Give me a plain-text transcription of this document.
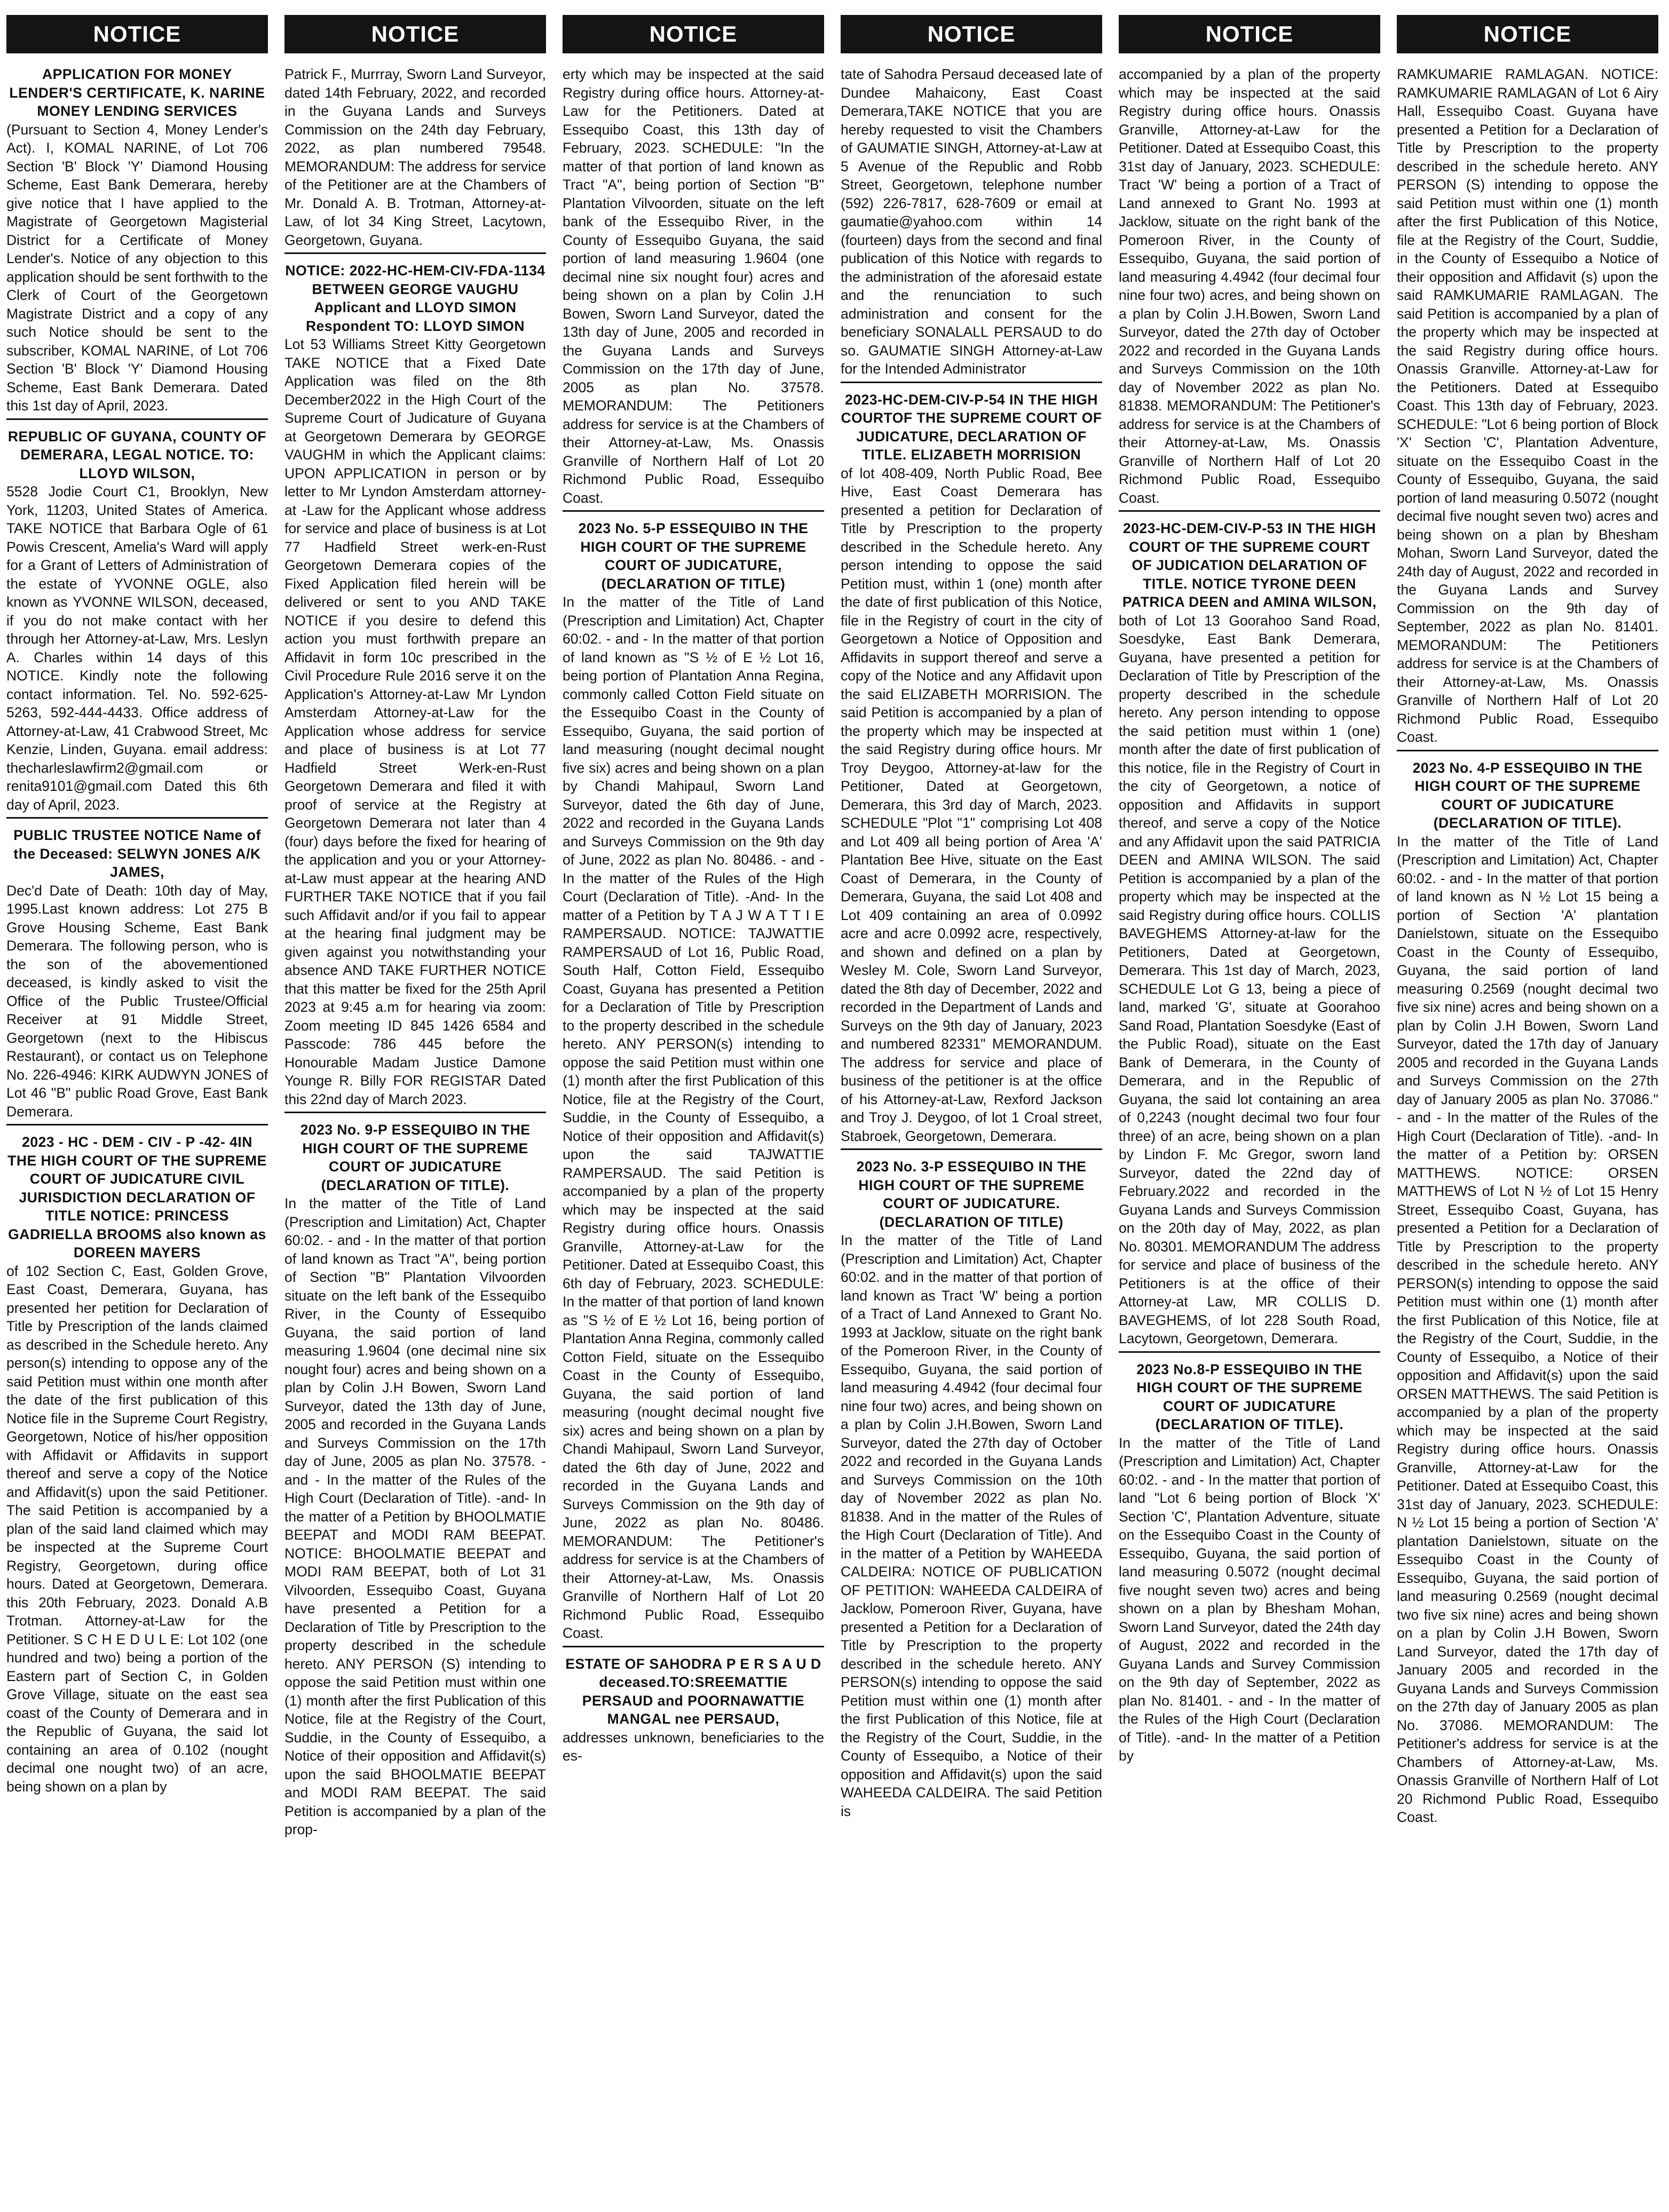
NOTICE
APPLICATION FOR MONEY LENDER'S CERTIFICATE, K. NARINE MONEY LENDING SERVICES
(Pursuant to Section 4, Money Lender's Act). I, KOMAL NARINE, of Lot 706 Section 'B' Block 'Y' Diamond Housing Scheme, East Bank Demerara, hereby give notice that I have applied to the Magistrate of Georgetown Magisterial District for a Certificate of Money Lender's. Notice of any objection to this application should be sent forthwith to the Clerk of Court of the Georgetown Magistrate District and a copy of any such Notice should be sent to the subscriber, KOMAL NARINE, of Lot 706 Section 'B' Block 'Y' Diamond Housing Scheme, East Bank Demerara. Dated this 1st day of April, 2023.
REPUBLIC OF GUYANA, COUNTY OF DEMERARA, LEGAL NOTICE. TO: LLOYD WILSON,
5528 Jodie Court C1, Brooklyn, New York, 11203, United States of America. TAKE NOTICE that Barbara Ogle of 61 Powis Crescent, Amelia's Ward will apply for a Grant of Letters of Administration of the estate of YVONNE OGLE, also known as YVONNE WILSON, deceased, if you do not make contact with her through her Attorney-at-Law, Mrs. Leslyn A. Charles within 14 days of this NOTICE. Kindly note the following contact information. Tel. No. 592-625-5263, 592-444-4433. Office address of Attorney-at-Law, 41 Crabwood Street, Mc Kenzie, Linden, Guyana. email address: thecharleslawfirm2@gmail.com or renita9101@gmail.com Dated this 6th day of April, 2023.
PUBLIC TRUSTEE NOTICE Name of the Deceased: SELWYN JONES A/K JAMES,
Dec'd Date of Death: 10th day of May, 1995.Last known address: Lot 275 B Grove Housing Scheme, East Bank Demerara. The following person, who is the son of the abovementioned deceased, is kindly asked to visit the Office of the Public Trustee/Official Receiver at 91 Middle Street, Georgetown (next to the Hibiscus Restaurant), or contact us on Telephone No. 226-4946: KIRK AUDWYN JONES of Lot 46 "B" public Road Grove, East Bank Demerara.
2023 - HC - DEM - CIV - P -42- 4IN THE HIGH COURT OF THE SUPREME COURT OF JUDICATURE CIVIL JURISDICTION DECLARATION OF TITLE NOTICE: PRINCESS GADRIELLA BROOMS also known as DOREEN MAYERS
of 102 Section C, East, Golden Grove, East Coast, Demerara, Guyana, has presented her petition for Declaration of Title by Prescription of the lands claimed as described in the Schedule hereto. Any person(s) intending to oppose any of the said Petition must within one month after the date of the first publication of this Notice file in the Supreme Court Registry, Georgetown, Notice of his/her opposition with Affidavit or Affidavits in support thereof and serve a copy of the Notice and Affidavit(s) upon the said Petitioner. The said Petition is accompanied by a plan of the said land claimed which may be inspected at the Supreme Court Registry, Georgetown, during office hours. Dated at Georgetown, Demerara. this 20th February, 2023. Donald A.B Trotman. Attorney-at-Law for the Petitioner. S C H E D U L E: Lot 102 (one hundred and two) being a portion of the Eastern part of Section C, in Golden Grove Village, situate on the east sea coast of the County of Demerara and in the Republic of Guyana, the said lot containing an area of 0.102 (nought decimal one nought two) of an acre, being shown on a plan by
NOTICE
Patrick F., Murrray, Sworn Land Surveyor, dated 14th February, 2022, and recorded in the Guyana Lands and Surveys Commission on the 24th day February, 2022, as plan numbered 79548. MEMORANDUM: The address for service of the Petitioner are at the Chambers of Mr. Donald A. B. Trotman, Attorney-at-Law, of lot 34 King Street, Lacytown, Georgetown, Guyana.
NOTICE: 2022-HC-HEM-CIV-FDA-1134 BETWEEN GEORGE VAUGHU Applicant and LLOYD SIMON Respondent TO: LLOYD SIMON
Lot 53 Williams Street Kitty Georgetown TAKE NOTICE that a Fixed Date Application was filed on the 8th December2022 in the High Court of the Supreme Court of Judicature of Guyana at Georgetown Demerara by GEORGE VAUGHM in which the Applicant claims: UPON APPLICATION in person or by letter to Mr Lyndon Amsterdam attorney-at -Law for the Applicant whose address for service and place of business is at Lot 77 Hadfield Street werk-en-Rust Georgetown Demerara copies of the Fixed Application filed herein will be delivered or sent to you AND TAKE NOTICE if you desire to defend this action you must forthwith prepare an Affidavit in form 10c prescribed in the Civil Procedure Rule 2016 serve it on the Application's Attorney-at-Law Mr Lyndon Amsterdam Attorney-at-Law for the Application whose address for service and place of business is at Lot 77 Hadfield Street Werk-en-Rust Georgetown Demerara and filed it with proof of service at the Registry at Georgetown Demerara not later than 4 (four) days before the fixed for hearing of the application and you or your Attorney-at-Law must appear at the hearing AND FURTHER TAKE NOTICE that if you fail such Affidavit and/or if you fail to appear at the hearing final judgment may be given against you notwithstanding your absence AND TAKE FURTHER NOTICE that this matter be fixed for the 25th April 2023 at 9:45 a.m for hearing via zoom: Zoom meeting ID 845 1426 6584 and Passcode: 786 445 before the Honourable Madam Justice Damone Younge R. Billy FOR REGISTAR Dated this 22nd day of March 2023.
2023 No. 9-P ESSEQUIBO IN THE HIGH COURT OF THE SUPREME COURT OF JUDICATURE (DECLARATION OF TITLE).
In the matter of the Title of Land (Prescription and Limitation) Act, Chapter 60:02. - and - In the matter of that portion of land known as Tract "A", being portion of Section "B" Plantation Vilvoorden situate on the left bank of the Essequibo River, in the County of Essequibo Guyana, the said portion of land measuring 1.9604 (one decimal nine six nought four) acres and being shown on a plan by Colin J.H Bowen, Sworn Land Surveyor, dated the 13th day of June, 2005 and recorded in the Guyana Lands and Surveys Commission on the 17th day of June, 2005 as plan No. 37578. - and - In the matter of the Rules of the High Court (Declaration of Title). -and- In the matter of a Petition by BHOOLMATIE BEEPAT and MODI RAM BEEPAT. NOTICE: BHOOLMATIE BEEPAT and MODI RAM BEEPAT, both of Lot 31 Vilvoorden, Essequibo Coast, Guyana have presented a Petition for a Declaration of Title by Prescription to the property described in the schedule hereto. ANY PERSON (S) intending to oppose the said Petition must within one (1) month after the first Publication of this Notice, file at the Registry of the Court, Suddie, in the County of Essequibo, a Notice of their opposition and Affidavit(s) upon the said BHOOLMATIE BEEPAT and MODI RAM BEEPAT. The said Petition is accompanied by a plan of the prop-
NOTICE
erty which may be inspected at the said Registry during office hours. Attorney-at-Law for the Petitioners. Dated at Essequibo Coast, this 13th day of February, 2023. SCHEDULE: "In the matter of that portion of land known as Tract "A", being portion of Section "B" Plantation Vilvoorden, situate on the left bank of the Essequibo River, in the County of Essequibo Guyana, the said portion of land measuring 1.9604 (one decimal nine six nought four) acres and being shown on a plan by Colin J.H Bowen, Sworn Land Surveyor, dated the 13th day of June, 2005 and recorded in the Guyana Lands and Surveys Commission on the 17th day of June, 2005 as plan No. 37578. MEMORANDUM: The Petitioners address for service is at the Chambers of their Attorney-at-Law, Ms. Onassis Granville of Northern Half of Lot 20 Richmond Public Road, Essequibo Coast.
2023 No. 5-P ESSEQUIBO IN THE HIGH COURT OF THE SUPREME COURT OF JUDICATURE, (DECLARATION OF TITLE)
In the matter of the Title of Land (Prescription and Limitation) Act, Chapter 60:02. - and - In the matter of that portion of land known as "S ½ of E ½ Lot 16, being portion of Plantation Anna Regina, commonly called Cotton Field situate on the Essequibo Coast in the County of Essequibo, Guyana, the said portion of land measuring (nought decimal nought five six) acres and being shown on a plan by Chandi Mahipaul, Sworn Land Surveyor, dated the 6th day of June, 2022 and recorded in the Guyana Lands and Surveys Commission on the 9th day of June, 2022 as plan No. 80486. - and - In the matter of the Rules of the High Court (Declaration of Title). -And- In the matter of a Petition by T A J W A T T I E RAMPERSAUD. NOTICE: TAJWATTIE RAMPERSAUD of Lot 16, Public Road, South Half, Cotton Field, Essequibo Coast, Guyana has presented a Petition for a Declaration of Title by Prescription to the property described in the schedule hereto. ANY PERSON(s) intending to oppose the said Petition must within one (1) month after the first Publication of this Notice, file at the Registry of the Court, Suddie, in the County of Essequibo, a Notice of their opposition and Affidavit(s) upon the said TAJWATTIE RAMPERSAUD. The said Petition is accompanied by a plan of the property which may be inspected at the said Registry during office hours. Onassis Granville, Attorney-at-Law for the Petitioner. Dated at Essequibo Coast, this 6th day of February, 2023. SCHEDULE: In the matter of that portion of land known as "S ½ of E ½ Lot 16, being portion of Plantation Anna Regina, commonly called Cotton Field, situate on the Essequibo Coast in the County of Essequibo, Guyana, the said portion of land measuring (nought decimal nought five six) acres and being shown on a plan by Chandi Mahipaul, Sworn Land Surveyor, dated the 6th day of June, 2022 and recorded in the Guyana Lands and Surveys Commission on the 9th day of June, 2022 as plan No. 80486. MEMORANDUM: The Petitioner's address for service is at the Chambers of their Attorney-at-Law, Ms. Onassis Granville of Northern Half of Lot 20 Richmond Public Road, Essequibo Coast.
ESTATE OF SAHODRA P E R S A U D deceased.TO:SREEMATTIE PERSAUD and POORNAWATTIE MANGAL nee PERSAUD,
addresses unknown, beneficiaries to the es-
NOTICE
tate of Sahodra Persaud deceased late of Dundee Mahaicony, East Coast Demerara,TAKE NOTICE that you are hereby requested to visit the Chambers of GAUMATIE SINGH, Attorney-at-Law at 5 Avenue of the Republic and Robb Street, Georgetown, telephone number (592) 226-7817, 628-7609 or email at gaumatie@yahoo.com within 14 (fourteen) days from the second and final publication of this Notice with regards to the administration of the aforesaid estate and the renunciation to such administration and consent for the beneficiary SONALALL PERSAUD to do so. GAUMATIE SINGH Attorney-at-Law for the Intended Administrator
2023-HC-DEM-CIV-P-54 IN THE HIGH COURTOF THE SUPREME COURT OF JUDICATURE, DECLARATION OF TITLE. ELIZABETH MORRISION
of lot 408-409, North Public Road, Bee Hive, East Coast Demerara has presented a petition for Declaration of Title by Prescription to the property described in the Schedule hereto. Any person intending to oppose the said Petition must, within 1 (one) month after the date of first publication of this Notice, file in the Registry of court in the city of Georgetown a Notice of Opposition and Affidavits in support thereof and serve a copy of the Notice and any Affidavit upon the said ELIZABETH MORRISION. The said Petition is accompanied by a plan of the property which may be inspected at the said Registry during office hours. Mr Troy Deygoo, Attorney-at-law for the Petitioner, Dated at Georgetown, Demerara, this 3rd day of March, 2023. SCHEDULE "Plot "1" comprising Lot 408 and Lot 409 all being portion of Area 'A' Plantation Bee Hive, situate on the East Coast of Demerara, in the County of Demerara, Guyana, the said Lot 408 and Lot 409 containing an area of 0.0992 acre and acre 0.0992 acre, respectively, and shown and defined on a plan by Wesley M. Cole, Sworn Land Surveyor, dated the 8th day of December, 2022 and recorded in the Department of Lands and Surveys on the 9th day of January, 2023 and numbered 82331" MEMORANDUM. The address for service and place of business of the petitioner is at the office of his Attorney-at-Law, Rexford Jackson and Troy J. Deygoo, of lot 1 Croal street, Stabroek, Georgetown, Demerara.
2023 No. 3-P ESSEQUIBO IN THE HIGH COURT OF THE SUPREME COURT OF JUDICATURE. (DECLARATION OF TITLE)
In the matter of the Title of Land (Prescription and Limitation) Act, Chapter 60:02. and in the matter of that portion of land known as Tract 'W' being a portion of a Tract of Land Annexed to Grant No. 1993 at Jacklow, situate on the right bank of the Pomeroon River, in the County of Essequibo, Guyana, the said portion of land measuring 4.4942 (four decimal four nine four two) acres, and being shown on a plan by Colin J.H.Bowen, Sworn Land Surveyor, dated the 27th day of October 2022 and recorded in the Guyana Lands and Surveys Commission on the 10th day of November 2022 as plan No. 81838. And in the matter of the Rules of the High Court (Declaration of Title). And in the matter of a Petition by WAHEEDA CALDEIRA: NOTICE OF PUBLICATION OF PETITION: WAHEEDA CALDEIRA of Jacklow, Pomeroon River, Guyana, have presented a Petition for a Declaration of Title by Prescription to the property described in the schedule hereto. ANY PERSON(s) intending to oppose the said Petition must within one (1) month after the first Publication of this Notice, file at the Registry of the Court, Suddie, in the County of Essequibo, a Notice of their opposition and Affidavit(s) upon the said WAHEEDA CALDEIRA. The said Petition is
NOTICE
accompanied by a plan of the property which may be inspected at the said Registry during office hours. Onassis Granville, Attorney-at-Law for the Petitioner. Dated at Essequibo Coast, this 31st day of January, 2023. SCHEDULE: Tract 'W' being a portion of a Tract of Land annexed to Grant No. 1993 at Jacklow, situate on the right bank of the Pomeroon River, in the County of Essequibo, Guyana, the said portion of land measuring 4.4942 (four decimal four nine four two) acres, and being shown on a plan by Colin J.H.Bowen, Sworn Land Surveyor, dated the 27th day of October 2022 and recorded in the Guyana Lands and Surveys Commission on the 10th day of November 2022 as plan No. 81838. MEMORANDUM: The Petitioner's address for service is at the Chambers of their Attorney-at-Law, Ms. Onassis Granville of Northern Half of Lot 20 Richmond Public Road, Essequibo Coast.
2023-HC-DEM-CIV-P-53 IN THE HIGH COURT OF THE SUPREME COURT OF JUDICATION DELARATION OF TITLE. NOTICE TYRONE DEEN PATRICA DEEN and AMINA WILSON,
both of Lot 13 Goorahoo Sand Road, Soesdyke, East Bank Demerara, Guyana, have presented a petition for Declaration of Title by Prescription of the property described in the schedule hereto. Any person intending to oppose the said petition must within 1 (one) month after the date of first publication of this notice, file in the Registry of Court in the city of Georgetown, a notice of opposition and Affidavits in support thereof, and serve a copy of the Notice and any Affidavit upon the said PATRICIA DEEN and AMINA WILSON. The said Petition is accompanied by a plan of the property which may be inspected at the said Registry during office hours. COLLIS BAVEGHEMS Attorney-at-law for the Petitioners, Dated at Georgetown, Demerara. This 1st day of March, 2023, SCHEDULE Lot G 13, being a piece of land, marked 'G', situate at Goorahoo Sand Road, Plantation Soesdyke (East of the Public Road), situate on the East Bank of Demerara, in the County of Demerara, and in the Republic of Guyana, the said lot containing an area of 0,2243 (nought decimal two four four three) of an acre, being shown on a plan by Lindon F. Mc Gregor, sworn land Surveyor, dated the 22nd day of February.2022 and recorded in the Guyana Lands and Surveys Commission on the 20th day of May, 2022, as plan No. 80301. MEMORANDUM The address for service and place of business of the Petitioners is at the office of their Attorney-at Law, MR COLLIS D. BAVEGHEMS, of lot 228 South Road, Lacytown, Georgetown, Demerara.
2023 No.8-P ESSEQUIBO IN THE HIGH COURT OF THE SUPREME COURT OF JUDICATURE (DECLARATION OF TITLE).
In the matter of the Title of Land (Prescription and Limitation) Act, Chapter 60:02. - and - In the matter that portion of land "Lot 6 being portion of Block 'X' Section 'C', Plantation Adventure, situate on the Essequibo Coast in the County of Essequibo, Guyana, the said portion of land measuring 0.5072 (nought decimal five nought seven two) acres and being shown on a plan by Bhesham Mohan, Sworn Land Surveyor, dated the 24th day of August, 2022 and recorded in the Guyana Lands and Survey Commission on the 9th day of September, 2022 as plan No. 81401. - and - In the matter of the Rules of the High Court (Declaration of Title). -and- In the matter of a Petition by
NOTICE
RAMKUMARIE RAMLAGAN. NOTICE: RAMKUMARIE RAMLAGAN of Lot 6 Airy Hall, Essequibo Coast. Guyana have presented a Petition for a Declaration of Title by Prescription to the property described in the schedule hereto. ANY PERSON (S) intending to oppose the said Petition must within one (1) month after the first Publication of this Notice, file at the Registry of the Court, Suddie, in the County of Essequibo a Notice of their opposition and Affidavit (s) upon the said RAMKUMARIE RAMLAGAN. The said Petition is accompanied by a plan of the property which may be inspected at the said Registry during office hours. Onassis Granville. Attorney-at-Law for the Petitioners. Dated at Essequibo Coast. This 13th day of February, 2023. SCHEDULE: "Lot 6 being portion of Block 'X' Section 'C', Plantation Adventure, situate on the Essequibo Coast in the County of Essequibo, Guyana, the said portion of land measuring 0.5072 (nought decimal five nought seven two) acres and being shown on a plan by Bhesham Mohan, Sworn Land Surveyor, dated the 24th day of August, 2022 and recorded in the Guyana Lands and Survey Commission on the 9th day of September, 2022 as plan No. 81401. MEMORANDUM: The Petitioners address for service is at the Chambers of their Attorney-at-Law, Ms. Onassis Granville of Northern Half of Lot 20 Richmond Public Road, Essequibo Coast.
2023 No. 4-P ESSEQUIBO IN THE HIGH COURT OF THE SUPREME COURT OF JUDICATURE (DECLARATION OF TITLE).
In the matter of the Title of Land (Prescription and Limitation) Act, Chapter 60:02. - and - In the matter of that portion of land known as N ½ Lot 15 being a portion of Section 'A' plantation Danielstown, situate on the Essequibo Coast in the County of Essequibo, Guyana, the said portion of land measuring 0.2569 (nought decimal two five six nine) acres and being shown on a plan by Colin J.H Bowen, Sworn Land Surveyor, dated the 17th day of January 2005 and recorded in the Guyana Lands and Surveys Commission on the 27th day of January 2005 as plan No. 37086." - and - In the matter of the Rules of the High Court (Declaration of Title). -and- In the matter of a Petition by: ORSEN MATTHEWS. NOTICE: ORSEN MATTHEWS of Lot N ½ of Lot 15 Henry Street, Essequibo Coast, Guyana, has presented a Petition for a Declaration of Title by Prescription to the property described in the schedule hereto. ANY PERSON(s) intending to oppose the said Petition must within one (1) month after the first Publication of this Notice, file at the Registry of the Court, Suddie, in the County of Essequibo, a Notice of their opposition and Affidavit(s) upon the said ORSEN MATTHEWS. The said Petition is accompanied by a plan of the property which may be inspected at the said Registry during office hours. Onassis Granville, Attorney-at-Law for the Petitioner. Dated at Essequibo Coast, this 31st day of January, 2023. SCHEDULE: N ½ Lot 15 being a portion of Section 'A' plantation Danielstown, situate on the Essequibo Coast in the County of Essequibo, Guyana, the said portion of land measuring 0.2569 (nought decimal two five six nine) acres and being shown on a plan by Colin J.H Bowen, Sworn Land Surveyor, dated the 17th day of January 2005 and recorded in the Guyana Lands and Surveys Commission on the 27th day of January 2005 as plan No. 37086. MEMORANDUM: The Petitioner's address for service is at the Chambers of Attorney-at-Law, Ms. Onassis Granville of Northern Half of Lot 20 Richmond Public Road, Essequibo Coast.
